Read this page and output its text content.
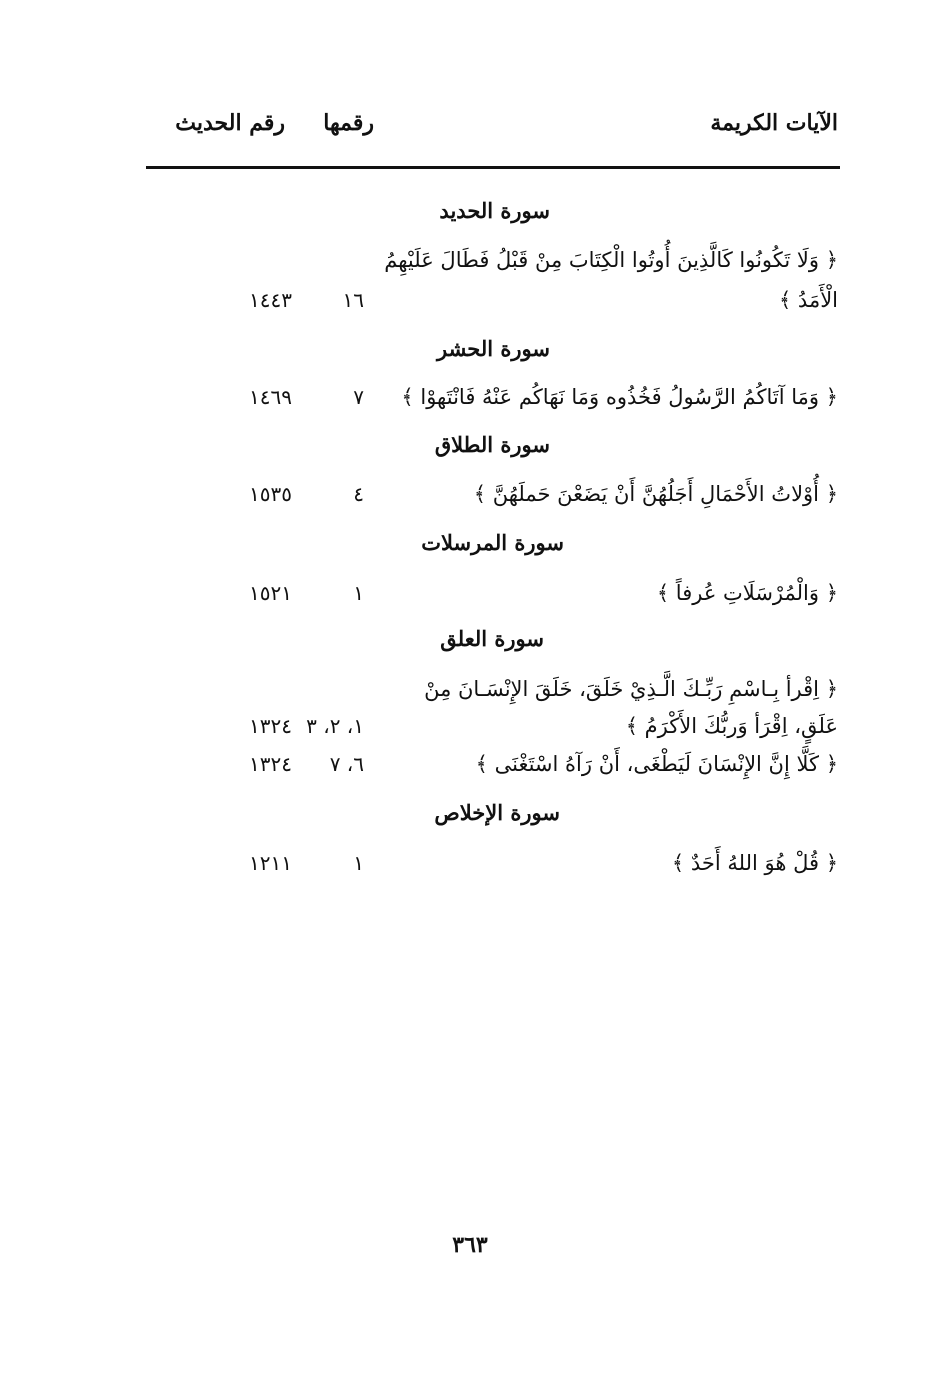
الآيات الكريمة
رقمها
رقم الحديث
سورة الحديد
﴿ وَلَا تَكُونُوا كَالَّذِينَ أُوتُوا الْكِتَابَ مِنْ قَبْلُ فَطَالَ عَلَيْهِمُ
الْأَمَدُ ﴾
١٦
١٤٤٣
سورة الحشر
﴿ وَمَا آتَاكُمُ الرَّسُولُ فَخُذُوه وَمَا نَهَاكُم عَنْهُ فَانْتَهوْا ﴾
٧
١٤٦٩
سورة الطلاق
﴿ أُوْلاتُ الأَحْمَالِ أَجَلُهُنَّ أَنْ يَضَعْنَ حَملَهُنَّ ﴾
٤
١٥٣٥
سورة المرسلات
﴿ وَالْمُرْسَلَاتِ عُرفاً ﴾
١
١٥٢١
سورة العلق
﴿ اِقْرأ بِـاسْمِ رَبِّـكَ الَّـذِيْ خَلَقَ، خَلَقَ الإِنْسَـانَ مِنْ
عَلَقٍ، اِقْرَأ وَربُّكَ الأَكْرَمُ ﴾
١، ٢، ٣
١٣٢٤
﴿ كَلَّا إِنَّ الإِنْسَانَ لَيَطْغَى، أَنْ رَآهُ اسْتَغْنَى ﴾
٦، ٧
١٣٢٤
سورة الإخلاص
﴿ قُلْ هُوَ اللهُ أَحَدٌ ﴾
١
١٢١١
٣٦٣
